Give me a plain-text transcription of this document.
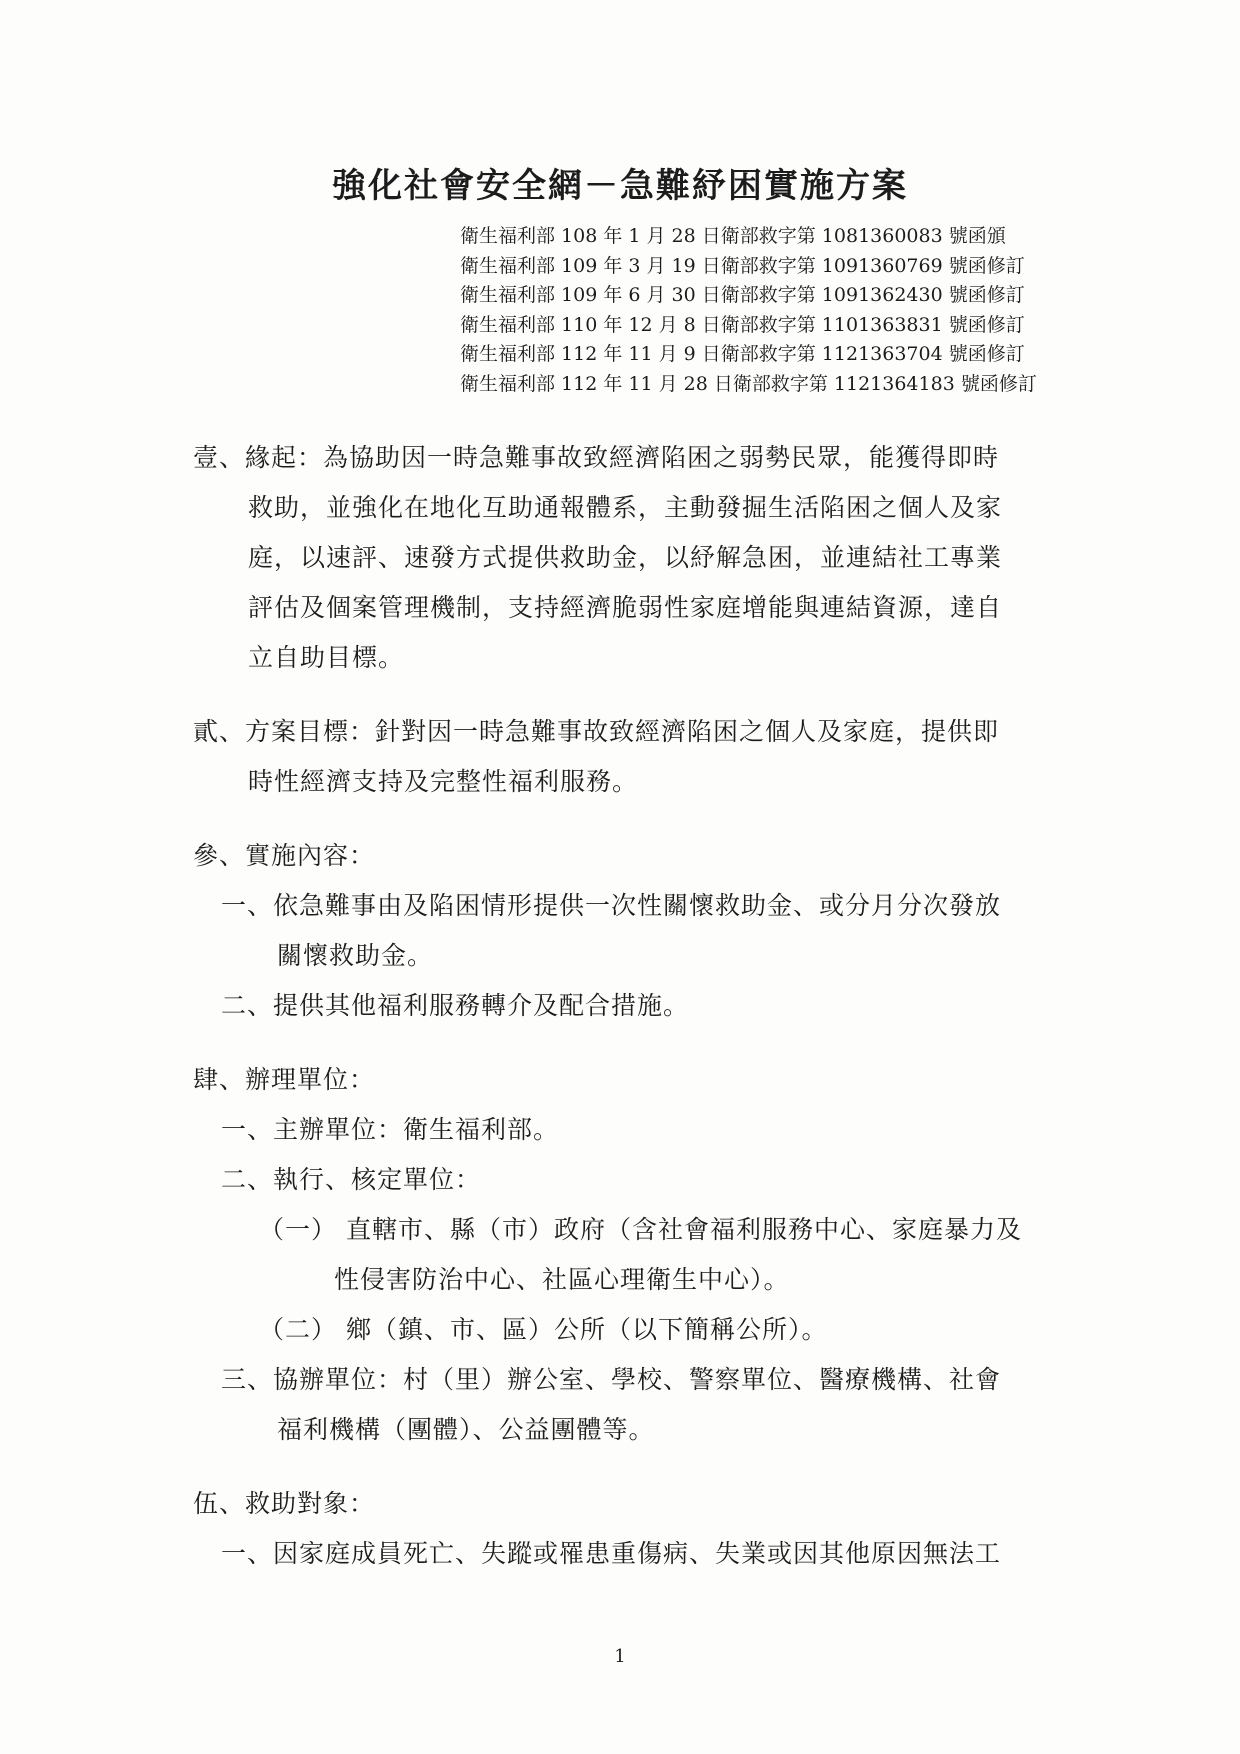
強化社會安全網－急難紓困實施方案
衛生福利部 108 年 1 月 28 日衛部救字第 1081360083 號函頒
衛生福利部 109 年 3 月 19 日衛部救字第 1091360769 號函修訂
衛生福利部 109 年 6 月 30 日衛部救字第 1091362430 號函修訂
衛生福利部 110 年 12 月 8 日衛部救字第 1101363831 號函修訂
衛生福利部 112 年 11 月 9 日衛部救字第 1121363704 號函修訂
衛生福利部 112 年 11 月 28 日衛部救字第 1121364183 號函修訂
壹、緣起：為協助因一時急難事故致經濟陷困之弱勢民眾，能獲得即時
救助，並強化在地化互助通報體系，主動發掘生活陷困之個人及家
庭，以速評、速發方式提供救助金，以紓解急困，並連結社工專業
評估及個案管理機制，支持經濟脆弱性家庭增能與連結資源，達自
立自助目標。
貳、方案目標：針對因一時急難事故致經濟陷困之個人及家庭，提供即
時性經濟支持及完整性福利服務。
參、實施內容：
一、依急難事由及陷困情形提供一次性關懷救助金、或分月分次發放
關懷救助金。
二、提供其他福利服務轉介及配合措施。
肆、辦理單位：
一、主辦單位：衛生福利部。
二、執行、核定單位：
（一） 直轄市、縣（市）政府（含社會福利服務中心、家庭暴力及
性侵害防治中心、社區心理衛生中心）。
（二） 鄉（鎮、市、區）公所（以下簡稱公所）。
三、協辦單位：村（里）辦公室、學校、警察單位、醫療機構、社會
福利機構（團體）、公益團體等。
伍、救助對象：
一、因家庭成員死亡、失蹤或罹患重傷病、失業或因其他原因無法工
1
